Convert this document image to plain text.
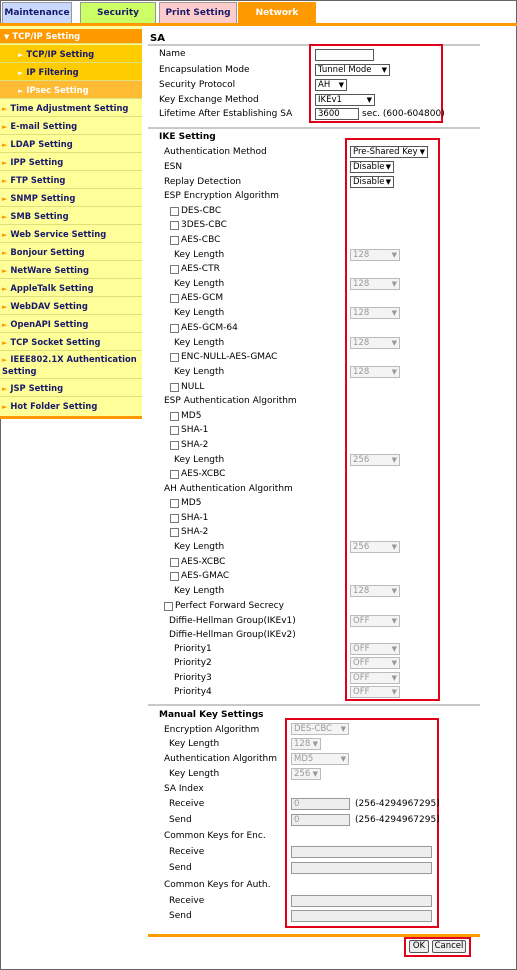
Maintenance	Security	Print Setting	Network
▼ TCP/IP Setting
► TCP/IP Setting
► IP Filtering
► IPsec Setting
► Time Adjustment Setting
► E-mail Setting
► LDAP Setting
► IPP Setting
► FTP Setting
► SNMP Setting
► SMB Setting
► Web Service Setting
► Bonjour Setting
► NetWare Setting
► AppleTalk Setting
► WebDAV Setting
► OpenAPI Setting
► TCP Socket Setting
► IEEE802.1X Authentication
Setting
► JSP Setting
► Hot Folder Setting
SA
Name
Encapsulation Mode	Tunnel Mode ▼
Security Protocol	AH ▼
Key Exchange Method	IKEv1	▼
Lifetime After Establishing SA	3600	sec. (600-604800)
IKE Setting
Authentication Method	Pre-Shared Key ▼
ESN	Disable ▼
Replay Detection	Disable ▼
ESP Encryption Algorithm
DES-CBC
3DES-CBC
AES-CBC
Key Length	128	▼
AES-CTR
Key Length	128	▼
AES-GCM
Key Length	128	▼
AES-GCM-64
Key Length	128	▼
ENC-NULL-AES-GMAC
Key Length	128	▼
NULL
ESP Authentication Algorithm
MD5
SHA-1
SHA-2
Key Length	256	▼
AES-XCBC
AH Authentication Algorithm
MD5
SHA-1
SHA-2
Key Length	256	▼
AES-XCBC
AES-GMAC
Key Length	128	▼
Perfect Forward Secrecy
Diffie-Hellman Group(IKEv1)	OFF	▼
Diffie-Hellman Group(IKEv2)
Priority1	OFF	▼
Priority2	OFF	▼
Priority3	OFF	▼
Priority4	OFF	▼
Manual Key Settings
Encryption Algorithm	DES-CBC ▼
Key Length	128 ▼
Authentication Algorithm	MD5	▼
Key Length	256 ▼
SA Index
Receive	0	(256-4294967295)
Send	0	(256-4294967295)
Common Keys for Enc.
Receive
Send
Common Keys for Auth.
Receive
Send
OK	Cancel
